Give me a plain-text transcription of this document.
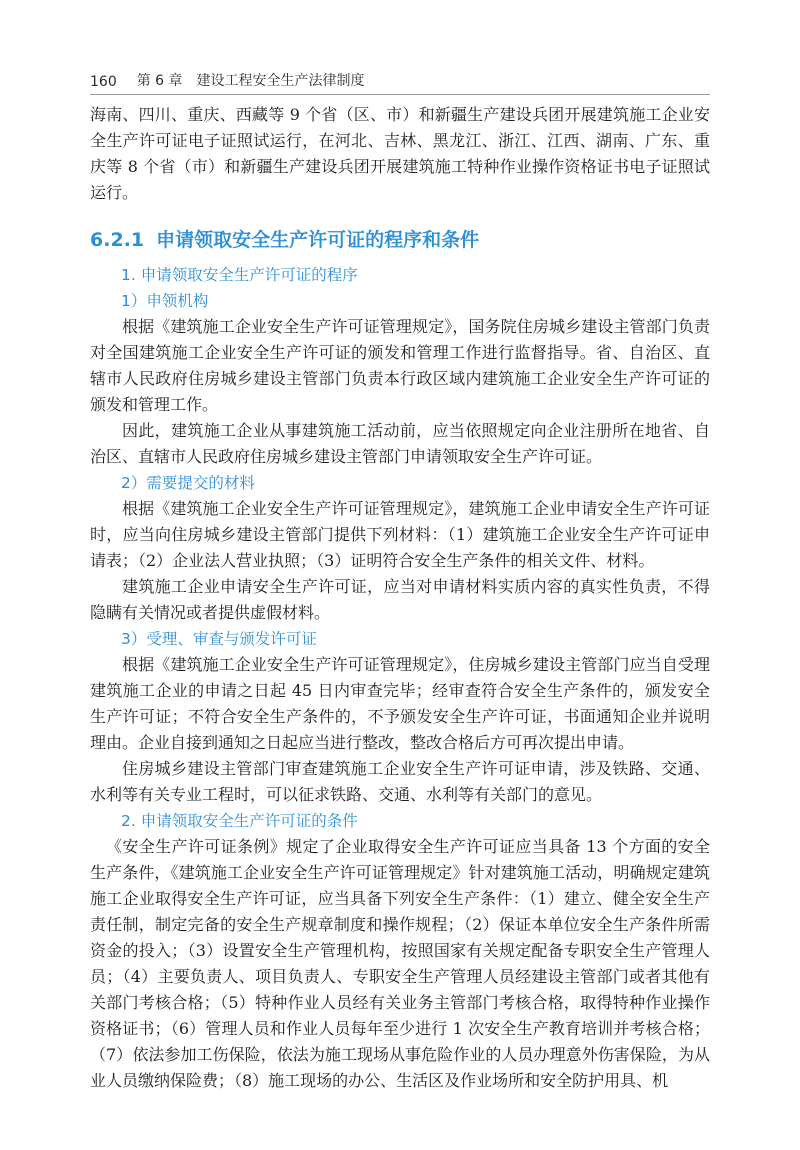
160 第 6 章 建设工程安全生产法律制度

海南、四川、重庆、西藏等 9 个省（区、市）和新疆生产建设兵团开展建筑施工企业安全生产许可证电子证照试运行，在河北、吉林、黑龙江、浙江、江西、湖南、广东、重庆等 8 个省（市）和新疆生产建设兵团开展建筑施工特种作业操作资格证书电子证照试运行。

6.2.1 申请领取安全生产许可证的程序和条件
1. 申请领取安全生产许可证的程序
1）申领机构

根据《建筑施工企业安全生产许可证管理规定》，国务院住房城乡建设主管部门负责对全国建筑施工企业安全生产许可证的颁发和管理工作进行监督指导。省、自治区、直辖市人民政府住房城乡建设主管部门负责本行政区域内建筑施工企业安全生产许可证的颁发和管理工作。

因此，建筑施工企业从事建筑施工活动前，应当依照规定向企业注册所在地省、自治区、直辖市人民政府住房城乡建设主管部门申请领取安全生产许可证。

2）需要提交的材料

根据《建筑施工企业安全生产许可证管理规定》，建筑施工企业申请安全生产许可证时，应当向住房城乡建设主管部门提供下列材料：（1）建筑施工企业安全生产许可证申请表；（2）企业法人营业执照；（3）证明符合安全生产条件的相关文件、材料。

建筑施工企业申请安全生产许可证，应当对申请材料实质内容的真实性负责，不得隐瞒有关情况或者提供虚假材料。

3）受理、审查与颁发许可证

根据《建筑施工企业安全生产许可证管理规定》，住房城乡建设主管部门应当自受理建筑施工企业的申请之日起 45 日内审查完毕；经审查符合安全生产条件的，颁发安全生产许可证；不符合安全生产条件的，不予颁发安全生产许可证，书面通知企业并说明理由。企业自接到通知之日起应当进行整改，整改合格后方可再次提出申请。

住房城乡建设主管部门审查建筑施工企业安全生产许可证申请，涉及铁路、交通、水利等有关专业工程时，可以征求铁路、交通、水利等有关部门的意见。

2. 申请领取安全生产许可证的条件

《安全生产许可证条例》规定了企业取得安全生产许可证应当具备 13 个方面的安全生产条件，《建筑施工企业安全生产许可证管理规定》针对建筑施工活动，明确规定建筑施工企业取得安全生产许可证，应当具备下列安全生产条件：（1）建立、健全安全生产责任制，制定完备的安全生产规章制度和操作规程；（2）保证本单位安全生产条件所需资金的投入；（3）设置安全生产管理机构，按照国家有关规定配备专职安全生产管理人员；（4）主要负责人、项目负责人、专职安全生产管理人员经建设主管部门或者其他有关部门考核合格；（5）特种作业人员经有关业务主管部门考核合格，取得特种作业操作资格证书；（6）管理人员和作业人员每年至少进行 1 次安全生产教育培训并考核合格；（7）依法参加工伤保险，依法为施工现场从事危险作业的人员办理意外伤害保险，为从业人员缴纳保险费；（8）施工现场的办公、生活区及作业场所和安全防护用具、机
